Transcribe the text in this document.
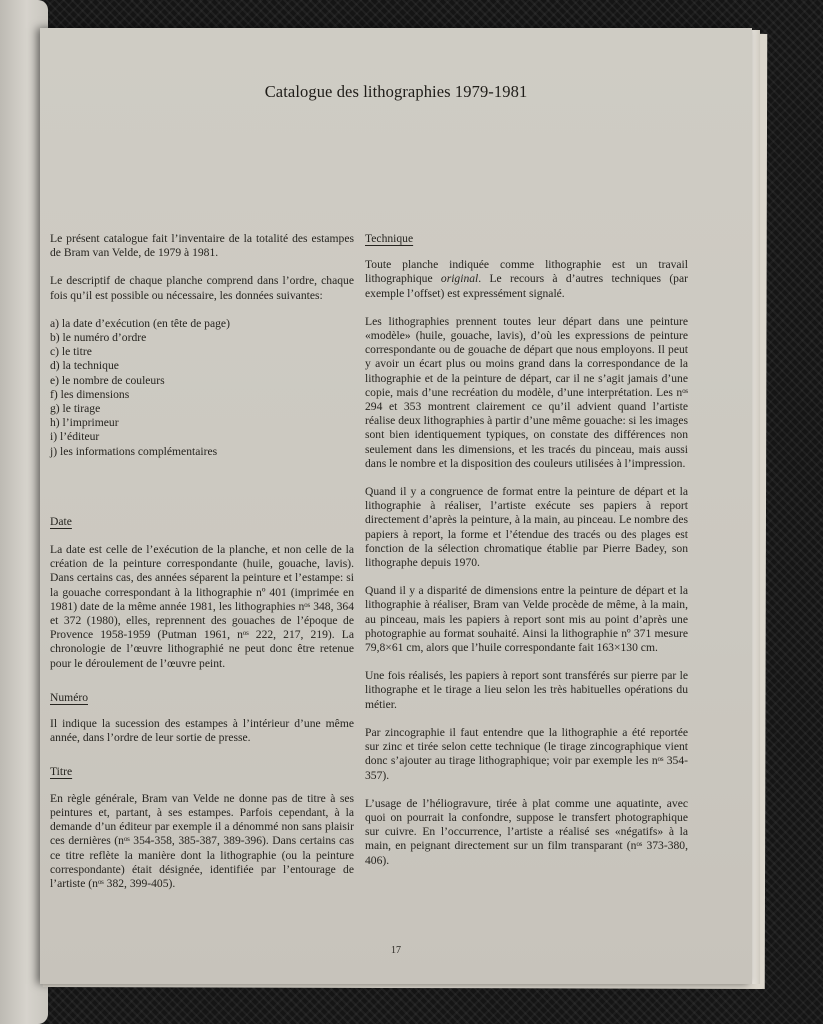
Catalogue des lithographies 1979-1981

Le présent catalogue fait l’inventaire de la totalité des estampes de Bram van Velde, de 1979 à 1981.

Le descriptif de chaque planche comprend dans l’ordre, chaque fois qu’il est possible ou nécessaire, les données suivantes:

a) la date d’exécution (en tête de page)
b) le numéro d’ordre
c) le titre
d) la technique
e) le nombre de couleurs
f) les dimensions
g) le tirage
h) l’imprimeur
i) l’éditeur
j) les informations complémentaires

Date

La date est celle de l’exécution de la planche, et non celle de la création de la peinture correspondante (huile, gouache, lavis). Dans certains cas, des années séparent la peinture et l’estampe: si la gouache correspondant à la lithographie nº 401 (imprimée en 1981) date de la même année 1981, les lithographies nᵒˢ 348, 364 et 372 (1980), elles, reprennent des gouaches de l’époque de Provence 1958-1959 (Putman 1961, nᵒˢ 222, 217, 219). La chronologie de l’œuvre lithographié ne peut donc être retenue pour le déroulement de l’œuvre peint.

Numéro

Il indique la sucession des estampes à l’intérieur d’une même année, dans l’ordre de leur sortie de presse.

Titre

En règle générale, Bram van Velde ne donne pas de titre à ses peintures et, partant, à ses estampes. Parfois cependant, à la demande d’un éditeur par exemple il a dénommé non sans plaisir ces dernières (nᵒˢ 354-358, 385-387, 389-396). Dans certains cas ce titre reflète la manière dont la lithographie (ou la peinture correspondante) était désignée, identifiée par l’entourage de l’artiste (nᵒˢ 382, 399-405).

Technique

Toute planche indiquée comme lithographie est un travail lithographique original. Le recours à d’autres techniques (par exemple l’offset) est expressément signalé.

Les lithographies prennent toutes leur départ dans une peinture «modèle» (huile, gouache, lavis), d’où les expressions de peinture correspondante ou de gouache de départ que nous employons. Il peut y avoir un écart plus ou moins grand dans la correspondance de la lithographie et de la peinture de départ, car il ne s’agit jamais d’une copie, mais d’une recréation du modèle, d’une interprétation. Les nᵒˢ 294 et 353 montrent clairement ce qu’il advient quand l’artiste réalise deux lithographies à partir d’une même gouache: si les images sont bien identiquement typiques, on constate des différences non seulement dans les dimensions, et les tracés du pinceau, mais aussi dans le nombre et la disposition des couleurs utilisées à l’impression.

Quand il y a congruence de format entre la peinture de départ et la lithographie à réaliser, l’artiste exécute ses papiers à report directement d’après la peinture, à la main, au pinceau. Le nombre des papiers à report, la forme et l’étendue des tracés ou des plages est fonction de la sélection chromatique établie par Pierre Badey, son lithographe depuis 1970.

Quand il y a disparité de dimensions entre la peinture de départ et la lithographie à réaliser, Bram van Velde procède de même, à la main, au pinceau, mais les papiers à report sont mis au point d’après une photographie au format souhaité. Ainsi la lithographie nº 371 mesure 79,8×61 cm, alors que l’huile correspondante fait 163×130 cm.

Une fois réalisés, les papiers à report sont transférés sur pierre par le lithographe et le tirage a lieu selon les très habituelles opérations du métier.

Par zincographie il faut entendre que la lithographie a été reportée sur zinc et tirée selon cette technique (le tirage zincographique vient donc s’ajouter au tirage lithographique; voir par exemple les nᵒˢ 354-357).

L’usage de l’héliogravure, tirée à plat comme une aquatinte, avec quoi on pourrait la confondre, suppose le transfert photographique sur cuivre. En l’occurrence, l’artiste a réalisé ses «négatifs» à la main, en peignant directement sur un film transparant (nᵒˢ 373-380, 406).

17
